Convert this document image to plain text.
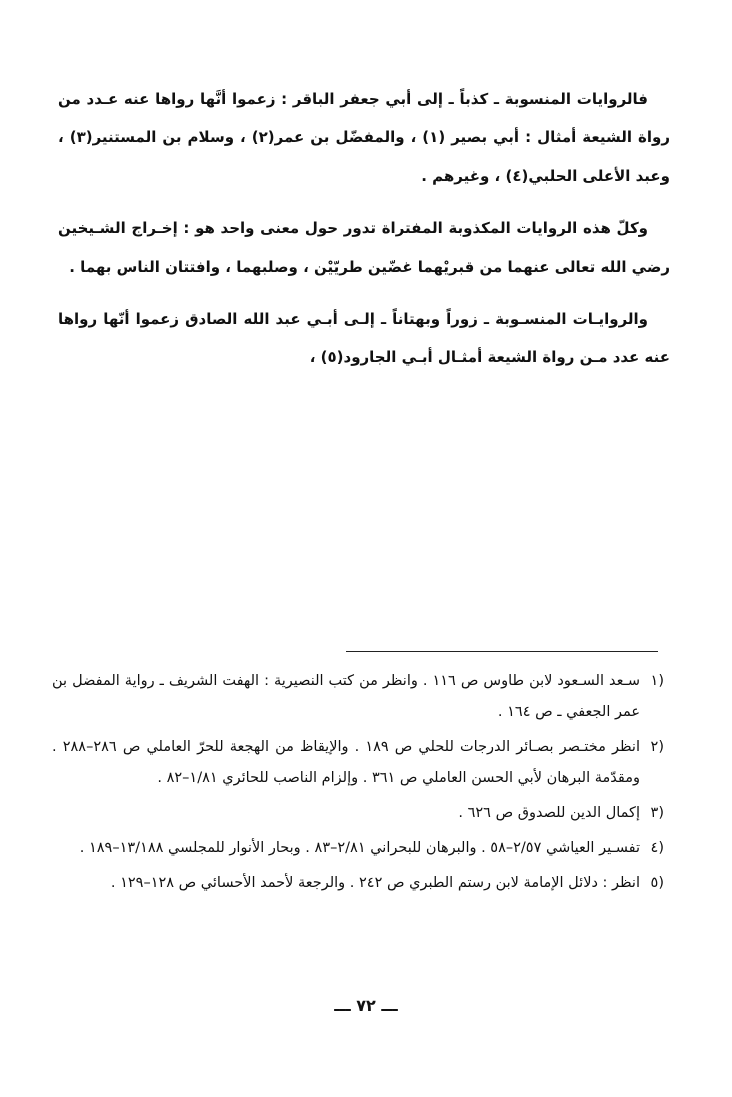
فالروايات المنسوبة ـ كذباً ـ إلى أبي جعفر الباقر : زعموا أنَّها رواها عنه عـدد من رواة الشيعة أمثال : أبي بصير (١) ، والمفضّل بن عمر(٢) ، وسلام بن المستنير(٣) ، وعبد الأعلى الحلبي(٤) ، وغيرهم .

وكلّ هذه الروايات المكذوبة المفتراة تدور حول معنى واحد هو : إخـراج الشـيخين رضي الله تعالى عنهما من قبريْهما غضّين طريّيْن ، وصلبهما ، وافتتان الناس بهما .

والروايـات المنسـوبة ـ زوراً وبهتاناً ـ إلـى أبـي عبد الله الصادق زعموا أنّها رواها عنه عدد مـن رواة الشيعة أمثـال أبـي الجارود(٥) ،

١)
سـعد السـعود لابن طاوس ص ١١٦ . وانظر من كتب النصيرية : الهفت الشريف ـ رواية المفضل بن عمر الجعفي ـ ص ١٦٤ .
٢)
انظر مختـصر بصـائر الدرجات للحلي ص ١٨٩ . والإيقاظ من الهجعة للحرّ العاملي ص ٢٨٦–٢٨٨ . ومقدّمة البرهان لأبي الحسن العاملي ص ٣٦١ . وإلزام الناصب للحائري ١/٨١–٨٢ .
٣)
إكمال الدين للصدوق ص ٦٢٦ .
٤)
تفسـير العياشي ٢/٥٧–٥٨ . والبرهان للبحراني ٢/٨١–٨٣ . وبحار الأنوار للمجلسي ١٣/١٨٨–١٨٩ .
٥)
انظر : دلائل الإمامة لابن رستم الطبري ص ٢٤٢ . والرجعة لأحمد الأحسائي ص ١٢٨–١٢٩ .
ـــ ٧٢ ـــ
